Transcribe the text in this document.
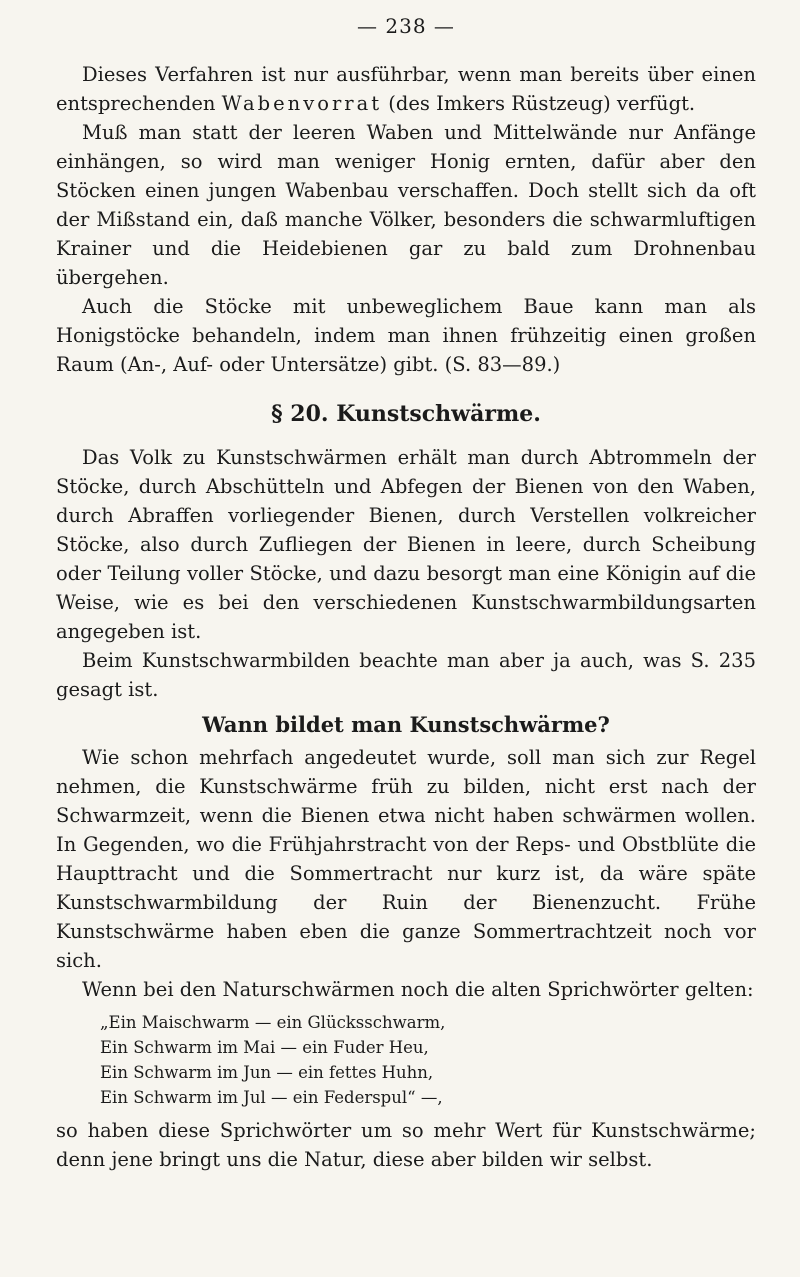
— 238 —

Dieses Verfahren ist nur ausführbar, wenn man bereits über einen entsprechenden Wabenvorrat (des Imkers Rüstzeug) verfügt.

Muß man statt der leeren Waben und Mittelwände nur Anfänge einhängen, so wird man weniger Honig ernten, dafür aber den Stöcken einen jungen Wabenbau verschaffen. Doch stellt sich da oft der Mißstand ein, daß manche Völker, besonders die schwarmluftigen Krainer und die Heidebienen gar zu bald zum Drohnenbau übergehen.

Auch die Stöcke mit unbeweglichem Baue kann man als Honigstöcke behandeln, indem man ihnen frühzeitig einen großen Raum (An-, Auf- oder Untersätze) gibt. (S. 83—89.)

§ 20. Kunstschwärme.

Das Volk zu Kunstschwärmen erhält man durch Abtrommeln der Stöcke, durch Abschütteln und Abfegen der Bienen von den Waben, durch Abraffen vorliegender Bienen, durch Verstellen volkreicher Stöcke, also durch Zufliegen der Bienen in leere, durch Scheibung oder Teilung voller Stöcke, und dazu besorgt man eine Königin auf die Weise, wie es bei den verschiedenen Kunstschwarmbildungsarten angegeben ist.

Beim Kunstschwarmbilden beachte man aber ja auch, was S. 235 gesagt ist.

Wann bildet man Kunstschwärme?

Wie schon mehrfach angedeutet wurde, soll man sich zur Regel nehmen, die Kunstschwärme früh zu bilden, nicht erst nach der Schwarmzeit, wenn die Bienen etwa nicht haben schwärmen wollen. In Gegenden, wo die Frühjahrstracht von der Reps- und Obstblüte die Haupttracht und die Sommertracht nur kurz ist, da wäre späte Kunstschwarmbildung der Ruin der Bienenzucht. Frühe Kunstschwärme haben eben die ganze Sommertrachtzeit noch vor sich.

Wenn bei den Naturschwärmen noch die alten Sprichwörter gelten:

„Ein Maischwarm — ein Glücksschwarm,
Ein Schwarm im Mai — ein Fuder Heu,
Ein Schwarm im Jun — ein fettes Huhn,
Ein Schwarm im Jul — ein Federspul“ —,

so haben diese Sprichwörter um so mehr Wert für Kunstschwärme; denn jene bringt uns die Natur, diese aber bilden wir selbst.
